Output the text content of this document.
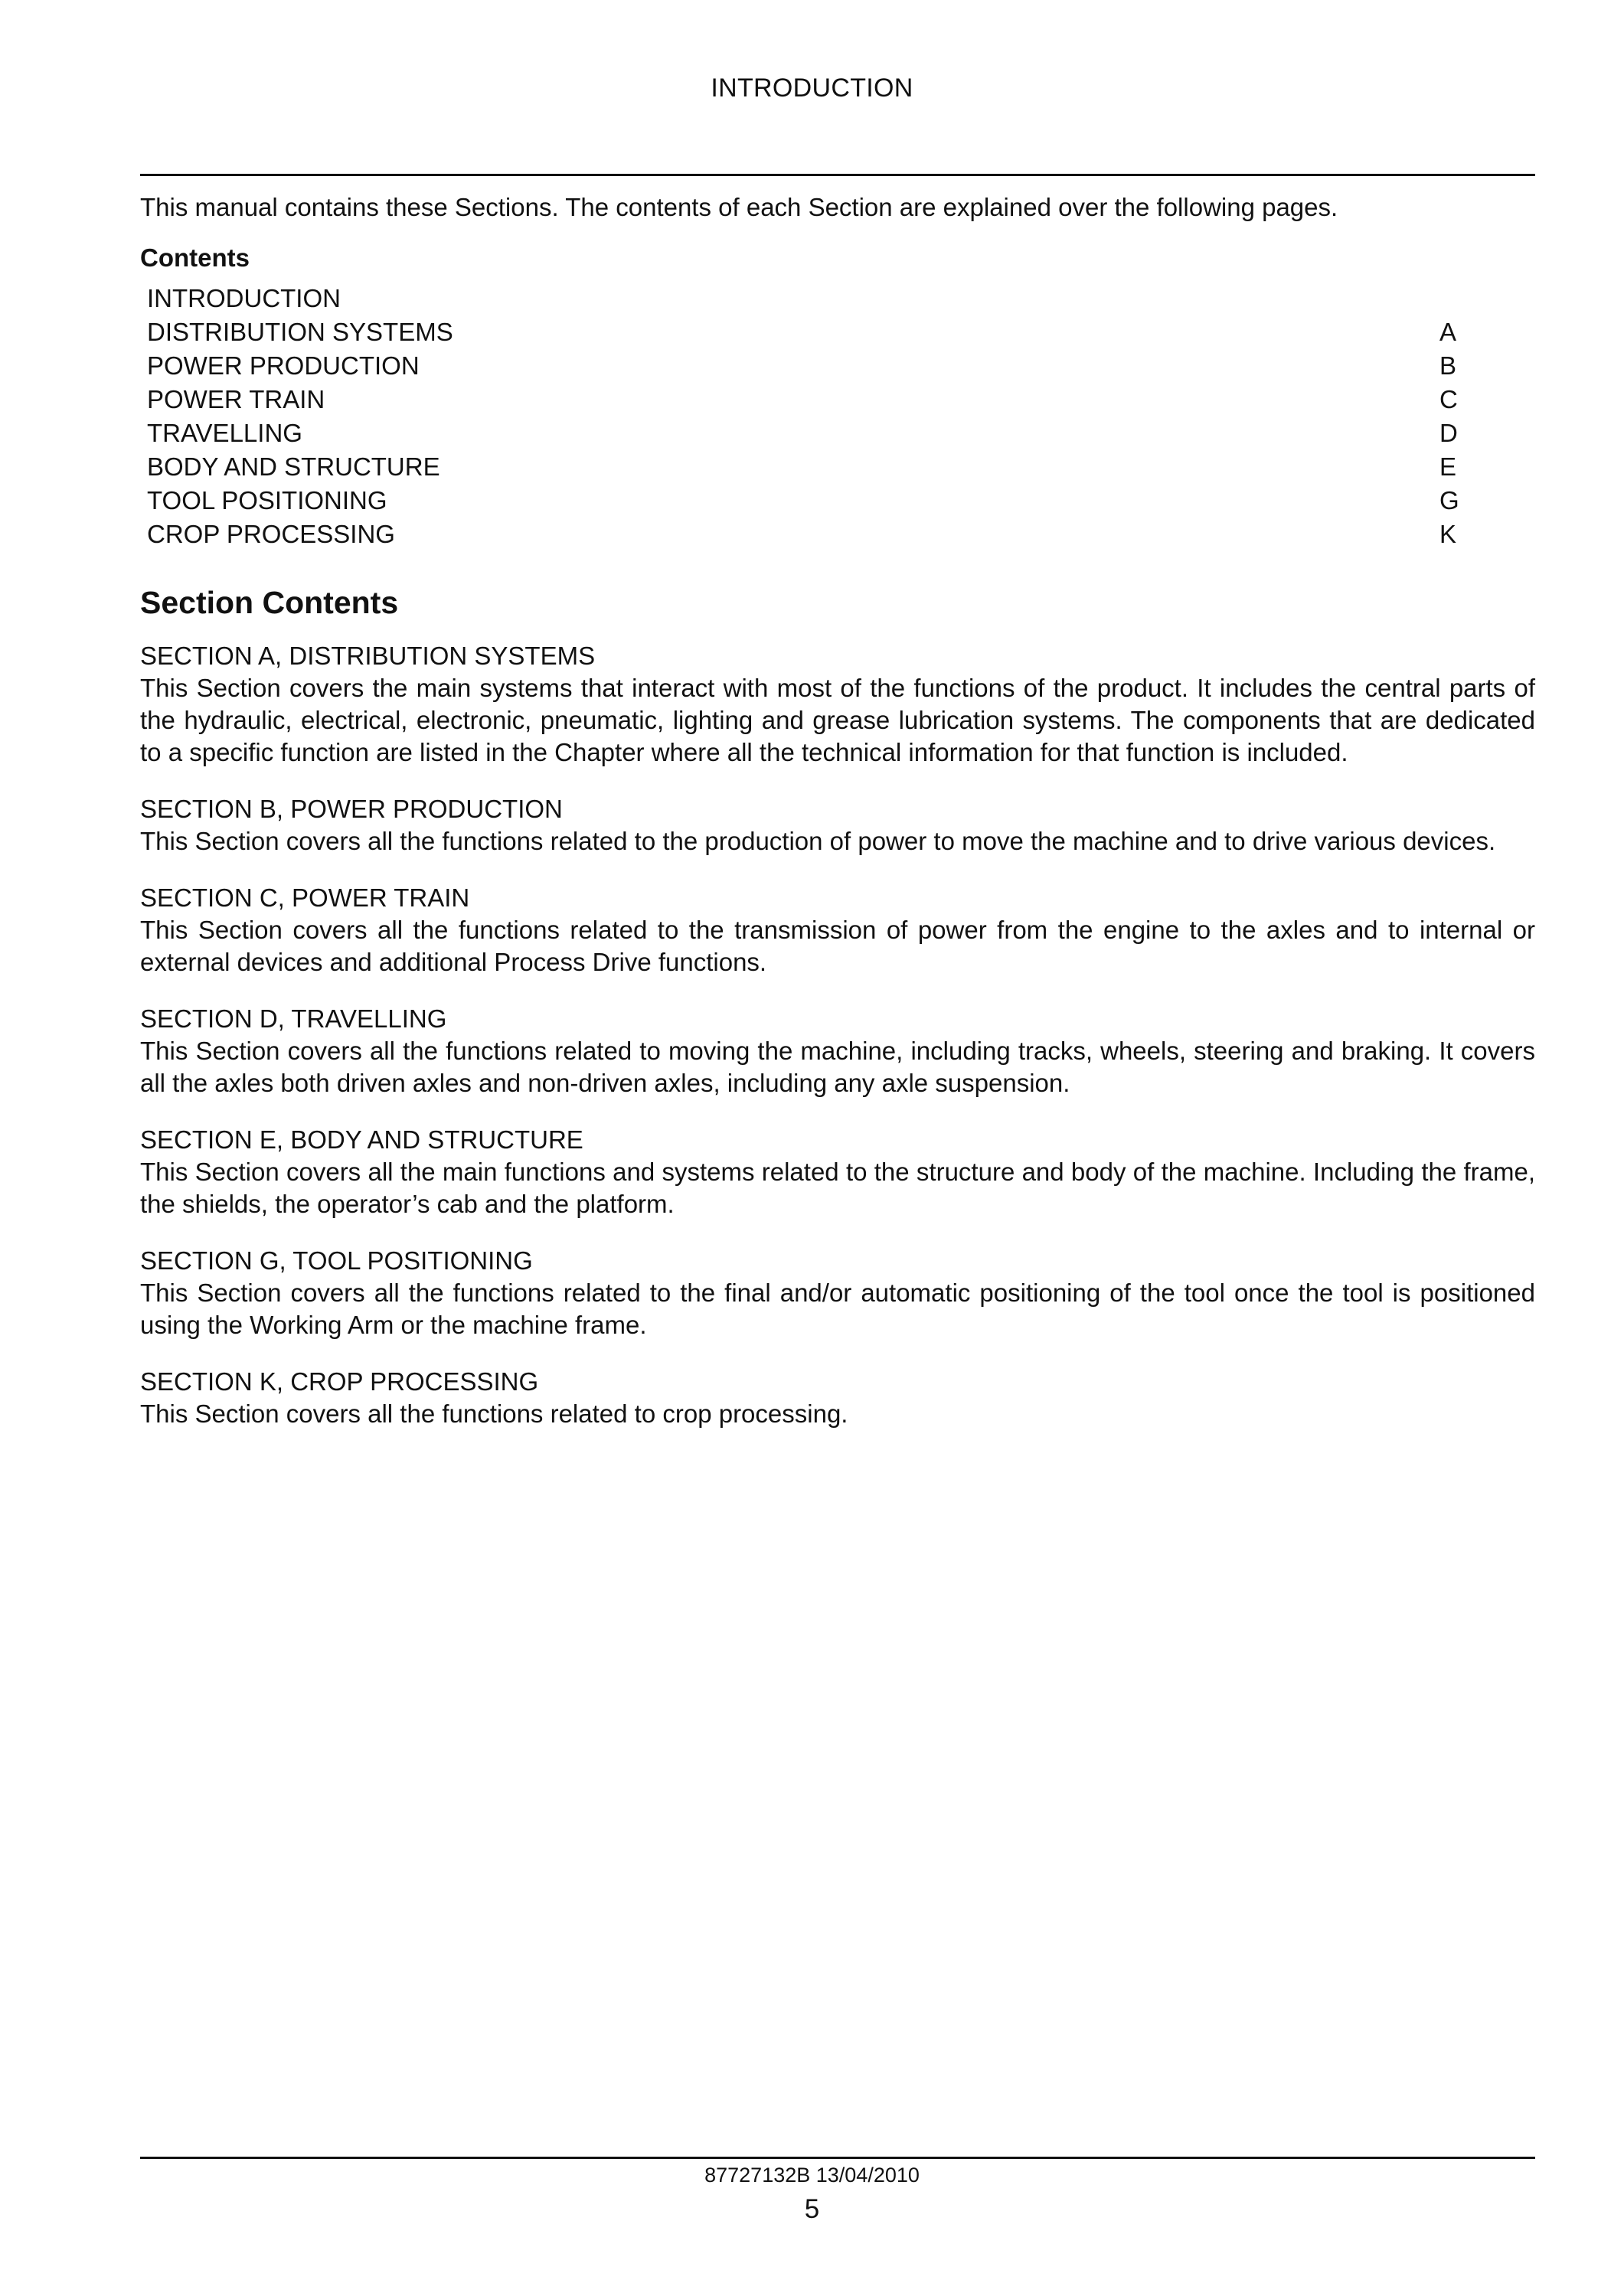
INTRODUCTION

This manual contains these Sections. The contents of each Section are explained over the following pages.

Contents
INTRODUCTION
DISTRIBUTION SYSTEMS	A
POWER PRODUCTION	B
POWER TRAIN	C
TRAVELLING	D
BODY AND STRUCTURE	E
TOOL POSITIONING	G
CROP PROCESSING	K
Section Contents
SECTION A, DISTRIBUTION SYSTEMS
This Section covers the main systems that interact with most of the functions of the product. It includes the central parts of the hydraulic, electrical, electronic, pneumatic, lighting and grease lubrication systems. The components that are dedicated to a specific function are listed in the Chapter where all the technical information for that function is included.
SECTION B, POWER PRODUCTION
This Section covers all the functions related to the production of power to move the machine and to drive various devices.
SECTION C, POWER TRAIN
This Section covers all the functions related to the transmission of power from the engine to the axles and to internal or external devices and additional Process Drive functions.
SECTION D, TRAVELLING
This Section covers all the functions related to moving the machine, including tracks, wheels, steering and braking. It covers all the axles both driven axles and non-driven axles, including any axle suspension.
SECTION E, BODY AND STRUCTURE
This Section covers all the main functions and systems related to the structure and body of the machine. Including the frame, the shields, the operator’s cab and the platform.
SECTION G, TOOL POSITIONING
This Section covers all the functions related to the final and/or automatic positioning of the tool once the tool is positioned using the Working Arm or the machine frame.
SECTION K, CROP PROCESSING
This Section covers all the functions related to crop processing.
87727132B 13/04/2010
5
